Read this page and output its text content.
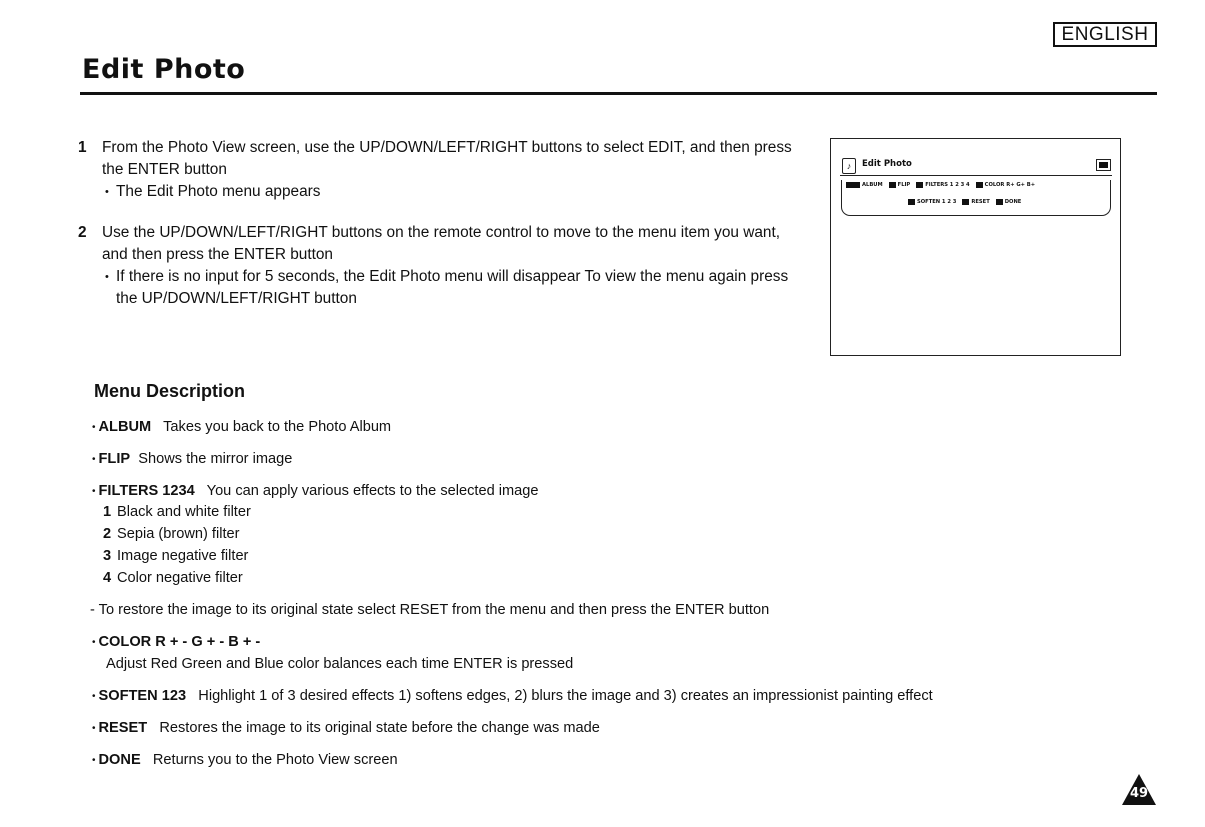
ENGLISH
Edit Photo
1 From the Photo View screen, use the UP/DOWN/LEFT/RIGHT buttons to select EDIT, and then press the ENTER button
• The Edit Photo menu appears
2 Use the UP/DOWN/LEFT/RIGHT buttons on the remote control to move to the menu item you want, and then press the ENTER button
• If there is no input for 5 seconds, the Edit Photo menu will disappear To view the menu again press the UP/DOWN/LEFT/RIGHT button
♪	Edit Photo
ALBUM	FLIP	FILTERS 1 2 3 4	COLOR R+ G+ B+
SOFTEN 1 2 3	RESET	DONE
Menu Description
• ALBUM Takes you back to the Photo Album
• FLIP Shows the mirror image
• FILTERS 1234 You can apply various effects to the selected image
1 Black and white filter
2 Sepia (brown) filter
3 Image negative filter
4 Color negative filter
- To restore the image to its original state select RESET from the menu and then press the ENTER button
• COLOR R + - G + - B + -
Adjust Red Green and Blue color balances each time ENTER is pressed
• SOFTEN 123 Highlight 1 of 3 desired effects 1) softens edges, 2) blurs the image and 3) creates an impressionist painting effect
• RESET Restores the image to its original state before the change was made
• DONE Returns you to the Photo View screen
49
